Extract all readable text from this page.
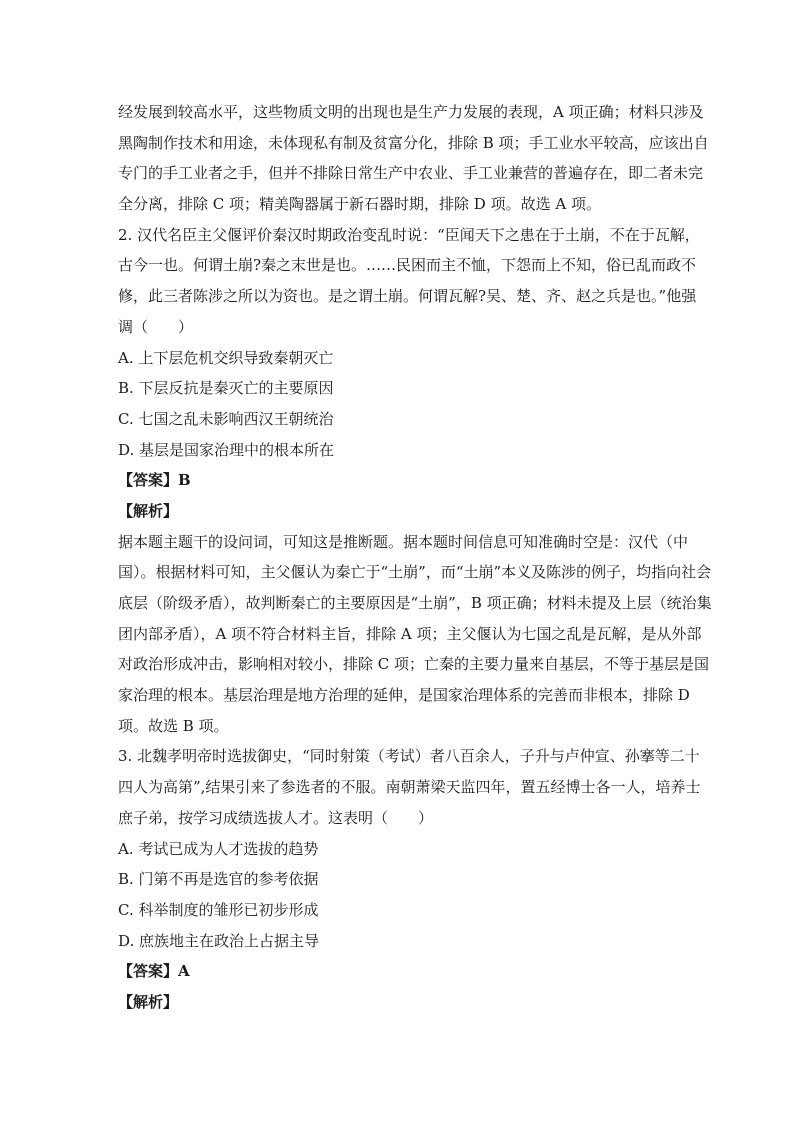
经发展到较高水平，这些物质文明的出现也是生产力发展的表现，A 项正确；材料只涉及
黑陶制作技术和用途，未体现私有制及贫富分化，排除 B 项；手工业水平较高，应该出自
专门的手工业者之手，但并不排除日常生产中农业、手工业兼营的普遍存在，即二者未完
全分离，排除 C 项；精美陶器属于新石器时期，排除 D 项。故选 A 项。
2. 汉代名臣主父偃评价秦汉时期政治变乱时说：“臣闻天下之患在于土崩，不在于瓦解，
古今一也。何谓土崩?秦之末世是也。……民困而主不恤，下怨而上不知，俗已乱而政不
修，此三者陈涉之所以为资也。是之谓土崩。何谓瓦解?吴、楚、齐、赵之兵是也。”他强
调（　　）
A. 上下层危机交织导致秦朝灭亡
B. 下层反抗是秦灭亡的主要原因
C. 七国之乱未影响西汉王朝统治
D. 基层是国家治理中的根本所在
【答案】B
【解析】
据本题主题干的设问词，可知这是推断题。据本题时间信息可知准确时空是：汉代（中
国）。根据材料可知，主父偃认为秦亡于“土崩”，而“土崩”本义及陈涉的例子，均指向社会
底层（阶级矛盾），故判断秦亡的主要原因是“土崩”，B 项正确；材料未提及上层（统治集
团内部矛盾），A 项不符合材料主旨，排除 A 项；主父偃认为七国之乱是瓦解，是从外部
对政治形成冲击，影响相对较小，排除 C 项；亡秦的主要力量来自基层，不等于基层是国
家治理的根本。基层治理是地方治理的延伸，是国家治理体系的完善而非根本，排除 D
项。故选 B 项。
3. 北魏孝明帝时选拔御史，“同时射策（考试）者八百余人，子升与卢仲宣、孙搴等二十
四人为高第”,结果引来了参选者的不服。南朝萧梁天监四年，置五经博士各一人，培养士
庶子弟，按学习成绩选拔人才。这表明（　　）
A. 考试已成为人才选拔的趋势
B. 门第不再是选官的参考依据
C. 科举制度的雏形已初步形成
D. 庶族地主在政治上占据主导
【答案】A
【解析】
